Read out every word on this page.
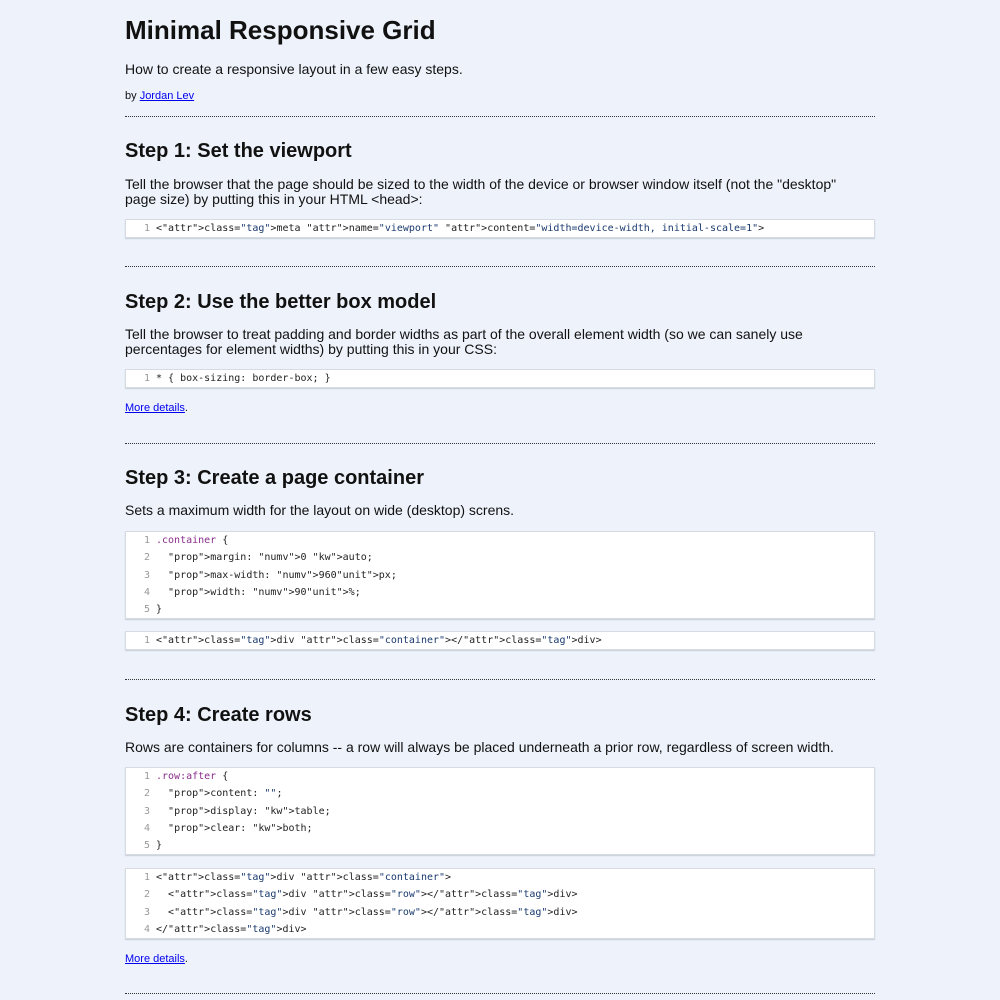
Minimal Responsive Grid

How to create a responsive layout in a few easy steps.

by Jordan Lev
Step 1: Set the viewport

Tell the browser that the page should be sized to the width of the device or browser window itself (not the "desktop" page size) by putting this in your HTML <head>:

1 <"attr">class="tag">meta "attr">name="viewport" "attr">content="width=device-width, initial-scale=1">
Step 2: Use the better box model

Tell the browser to treat padding and border widths as part of the overall element width (so we can sanely use percentages for element widths) by putting this in your CSS:

1 * { box-sizing: border-box; }
More details.
Step 3: Create a page container

Sets a maximum width for the layout on wide (desktop) screns.

1 .container {
2	"prop">margin: "numv">0 "kw">auto;
3	"prop">max-width: "numv">960"unit">px;
4	"prop">width: "numv">90"unit">%;
5 }
1 <"attr">class="tag">div "attr">class="container"></"attr">class="tag">div>
Step 4: Create rows

Rows are containers for columns -- a row will always be placed underneath a prior row, regardless of screen width.

1 .row:after {
2	"prop">content: "";
3	"prop">display: "kw">table;
4	"prop">clear: "kw">both;
5 }
1 <"attr">class="tag">div "attr">class="container">
2 <"attr">class="tag">div "attr">class="row"></"attr">class="tag">div>
3 <"attr">class="tag">div "attr">class="row"></"attr">class="tag">div>
4 </"attr">class="tag">div>
More details.
